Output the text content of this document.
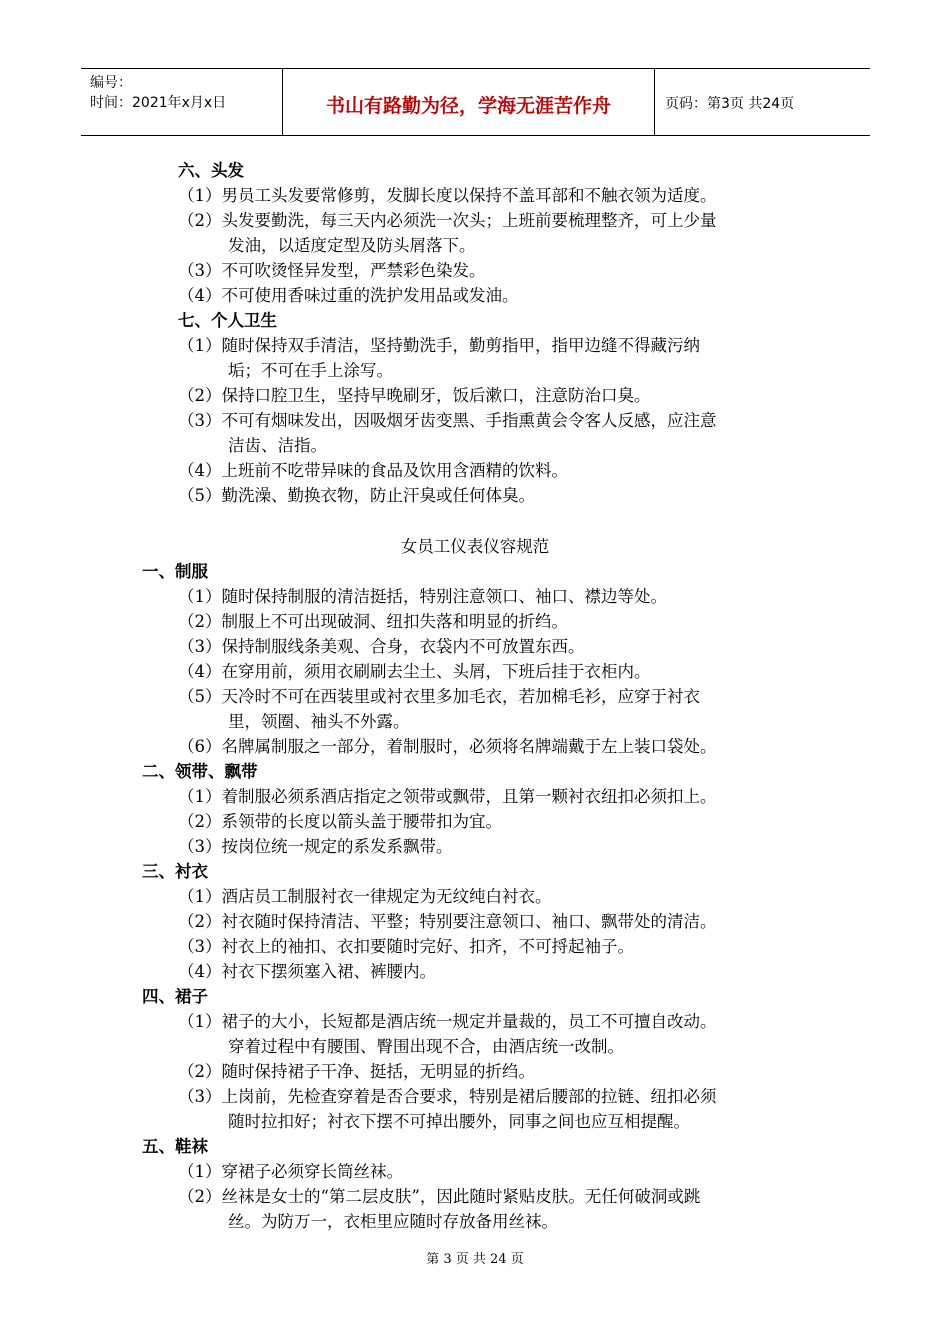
编号：
时间：2021年x月x日	书山有路勤为径，学海无涯苦作舟	页码：第3页 共24页
六、头发
（1）男员工头发要常修剪，发脚长度以保持不盖耳部和不触衣领为适度。
（2）头发要勤洗，每三天内必须洗一次头；上班前要梳理整齐，可上少量
发油，以适度定型及防头屑落下。
（3）不可吹烫怪异发型，严禁彩色染发。
（4）不可使用香味过重的洗护发用品或发油。
七、个人卫生
（1）随时保持双手清洁，坚持勤洗手，勤剪指甲，指甲边缝不得藏污纳
垢；不可在手上涂写。
（2）保持口腔卫生，坚持早晚刷牙，饭后漱口，注意防治口臭。
（3）不可有烟味发出，因吸烟牙齿变黑、手指熏黄会令客人反感，应注意
洁齿、洁指。
（4）上班前不吃带异味的食品及饮用含酒精的饮料。
（5）勤洗澡、勤换衣物，防止汗臭或任何体臭。
女员工仪表仪容规范
一、制服
（1）随时保持制服的清洁挺括，特别注意领口、袖口、襟边等处。
（2）制服上不可出现破洞、纽扣失落和明显的折绉。
（3）保持制服线条美观、合身，衣袋内不可放置东西。
（4）在穿用前，须用衣刷刷去尘土、头屑，下班后挂于衣柜内。
（5）天冷时不可在西装里或衬衣里多加毛衣，若加棉毛衫，应穿于衬衣
里，领圈、袖头不外露。
（6）名牌属制服之一部分，着制服时，必须将名牌端戴于左上装口袋处。
二、领带、飘带
（1）着制服必须系酒店指定之领带或飘带，且第一颗衬衣纽扣必须扣上。
（2）系领带的长度以箭头盖于腰带扣为宜。
（3）按岗位统一规定的系发系飘带。
三、衬衣
（1）酒店员工制服衬衣一律规定为无纹纯白衬衣。
（2）衬衣随时保持清洁、平整；特别要注意领口、袖口、飘带处的清洁。
（3）衬衣上的袖扣、衣扣要随时完好、扣齐，不可捋起袖子。
（4）衬衣下摆须塞入裙、裤腰内。
四、裙子
（1）裙子的大小，长短都是酒店统一规定并量裁的，员工不可擅自改动。
穿着过程中有腰围、臀围出现不合，由酒店统一改制。
（2）随时保持裙子干净、挺括，无明显的折绉。
（3）上岗前，先检查穿着是否合要求，特别是裙后腰部的拉链、纽扣必须
随时拉扣好；衬衣下摆不可掉出腰外，同事之间也应互相提醒。
五、鞋袜
（1）穿裙子必须穿长筒丝袜。
（2）丝袜是女士的“第二层皮肤”，因此随时紧贴皮肤。无任何破洞或跳
丝。为防万一，衣柜里应随时存放备用丝袜。
第 3 页 共 24 页
